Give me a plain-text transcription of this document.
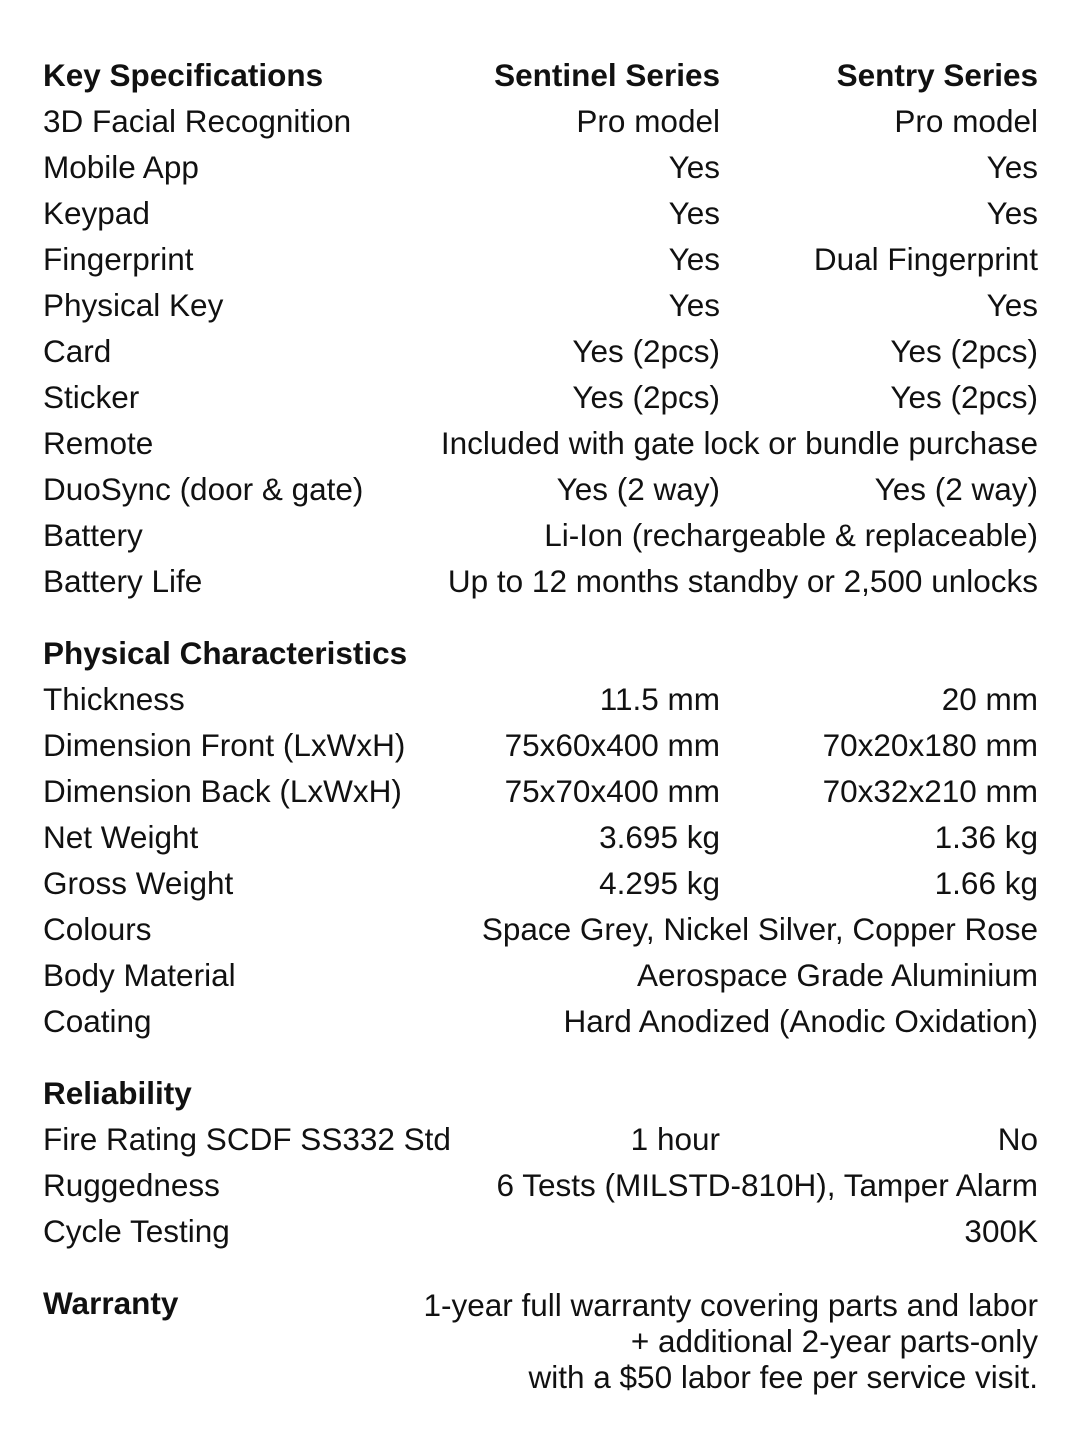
Key Specifications	Sentinel Series	Sentry Series
3D Facial Recognition	Pro model	Pro model
Mobile App	Yes	Yes
Keypad	Yes	Yes
Fingerprint	Yes	Dual Fingerprint
Physical Key	Yes	Yes
Card	Yes (2pcs)	Yes (2pcs)
Sticker	Yes (2pcs)	Yes (2pcs)
Remote	Included with gate lock or bundle purchase
DuoSync (door & gate)	Yes (2 way)	Yes (2 way)
Battery	Li-Ion (rechargeable & replaceable)
Battery Life	Up to 12 months standby or 2,500 unlocks
Physical Characteristics
Thickness	11.5 mm	20 mm
Dimension Front (LxWxH)	75x60x400 mm	70x20x180 mm
Dimension Back (LxWxH)	75x70x400 mm	70x32x210 mm
Net Weight	3.695 kg	1.36 kg
Gross Weight	4.295 kg	1.66 kg
Colours	Space Grey, Nickel Silver, Copper Rose
Body Material	Aerospace Grade Aluminium
Coating	Hard Anodized (Anodic Oxidation)
Reliability
Fire Rating SCDF SS332 Std	1 hour	No
Ruggedness	6 Tests (MILSTD-810H), Tamper Alarm
Cycle Testing	300K
Warranty	1-year full warranty covering parts and labor
+ additional 2-year parts-only
with a $50 labor fee per service visit.
